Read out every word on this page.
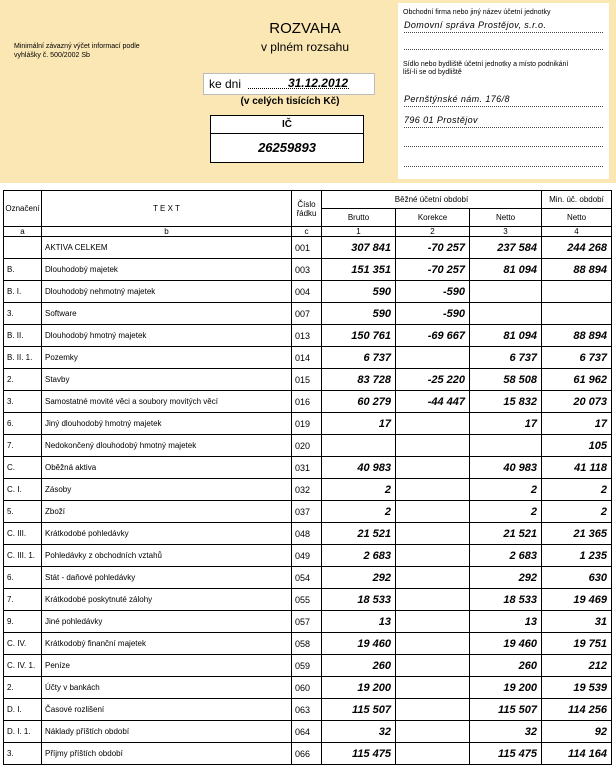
Minimální závazný výčet informací podle vyhlášky č. 500/2002 Sb
ROZVAHA
v plném rozsahu
ke dni	31.12.2012
(v celých tisících Kč)
IČ
26259893
Obchodní firma nebo jiný název účetní jednotky
Domovní správa Prostějov, s.r.o.
Sídlo nebo bydliště účetní jednotky a místo podnikání liší-li se od bydliště
Pernštýnské nám. 176/8
796 01 Prostějov
Označení	T E X T	Číslo
řádku	Běžné účetní období			Min. úč. období
			Brutto	Korekce	Netto	Netto
a	b	c	1	2	3	4
	AKTIVA CELKEM	001	307 841	-70 257	237 584	244 268
B.	Dlouhodobý majetek	003	151 351	-70 257	81 094	88 894
B. I.	Dlouhodobý nehmotný majetek	004	590	-590		
3.	Software	007	590	-590		
B. II.	Dlouhodobý hmotný majetek	013	150 761	-69 667	81 094	88 894
B. II. 1.	Pozemky	014	6 737		6 737	6 737
2.	Stavby	015	83 728	-25 220	58 508	61 962
3.	Samostatné movité věci a soubory movitých věcí	016	60 279	-44 447	15 832	20 073
6.	Jiný dlouhodobý hmotný majetek	019	17		17	17
7.	Nedokončený dlouhodobý hmotný majetek	020				105
C.	Oběžná aktiva	031	40 983		40 983	41 118
C. I.	Zásoby	032	2		2	2
5.	Zboží	037	2		2	2
C. III.	Krátkodobé pohledávky	048	21 521		21 521	21 365
C. III. 1.	Pohledávky z obchodních vztahů	049	2 683		2 683	1 235
6.	Stát - daňové pohledávky	054	292		292	630
7.	Krátkodobé poskytnuté zálohy	055	18 533		18 533	19 469
9.	Jiné pohledávky	057	13		13	31
C. IV.	Krátkodobý finanční majetek	058	19 460		19 460	19 751
C. IV. 1.	Peníze	059	260		260	212
2.	Účty v bankách	060	19 200		19 200	19 539
D. I.	Časové rozlišení	063	115 507		115 507	114 256
D. I. 1.	Náklady příštích období	064	32		32	92
3.	Příjmy příštích období	066	115 475		115 475	114 164
